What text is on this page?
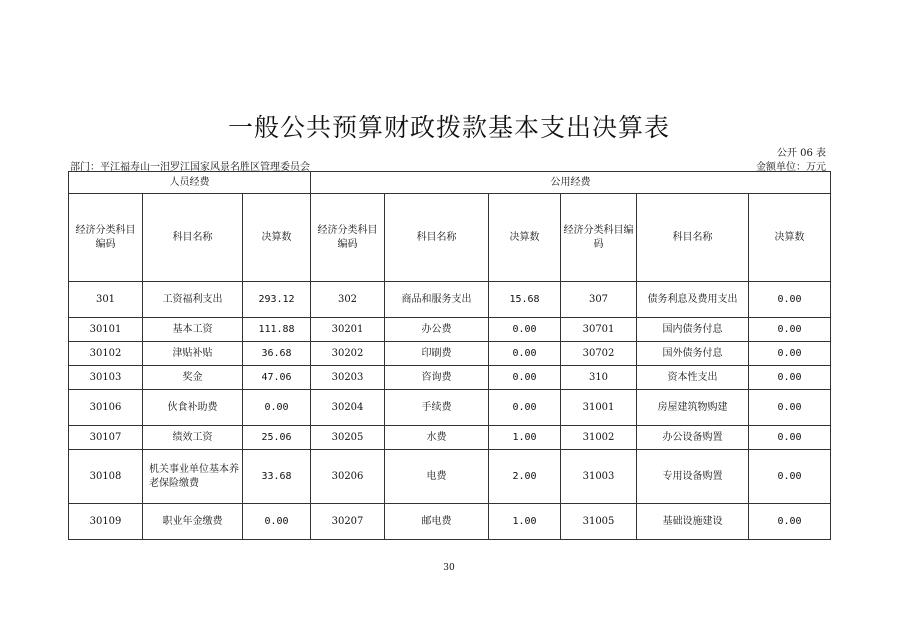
一般公共预算财政拨款基本支出决算表
公开 06 表
部门：平江福寿山一汨罗江国家风景名胜区管理委员会	金额单位：万元
人员经费			公用经费					
经济分类科目编码	科目名称	决算数	经济分类科目编码	科目名称	决算数	经济分类科目编码	科目名称	决算数
301	工资福利支出	293.12	302	商品和服务支出	15.68	307	债务利息及费用支出	0.00
30101	基本工资	111.88	30201	办公费	0.00	30701	国内债务付息	0.00
30102	津贴补贴	36.68	30202	印刷费	0.00	30702	国外债务付息	0.00
30103	奖金	47.06	30203	咨询费	0.00	310	资本性支出	0.00
30106	伙食补助费	0.00	30204	手续费	0.00	31001	房屋建筑物购建	0.00
30107	绩效工资	25.06	30205	水费	1.00	31002	办公设备购置	0.00
30108	机关事业单位基本养老保险缴费	33.68	30206	电费	2.00	31003	专用设备购置	0.00
30109	职业年金缴费	0.00	30207	邮电费	1.00	31005	基础设施建设	0.00
30
